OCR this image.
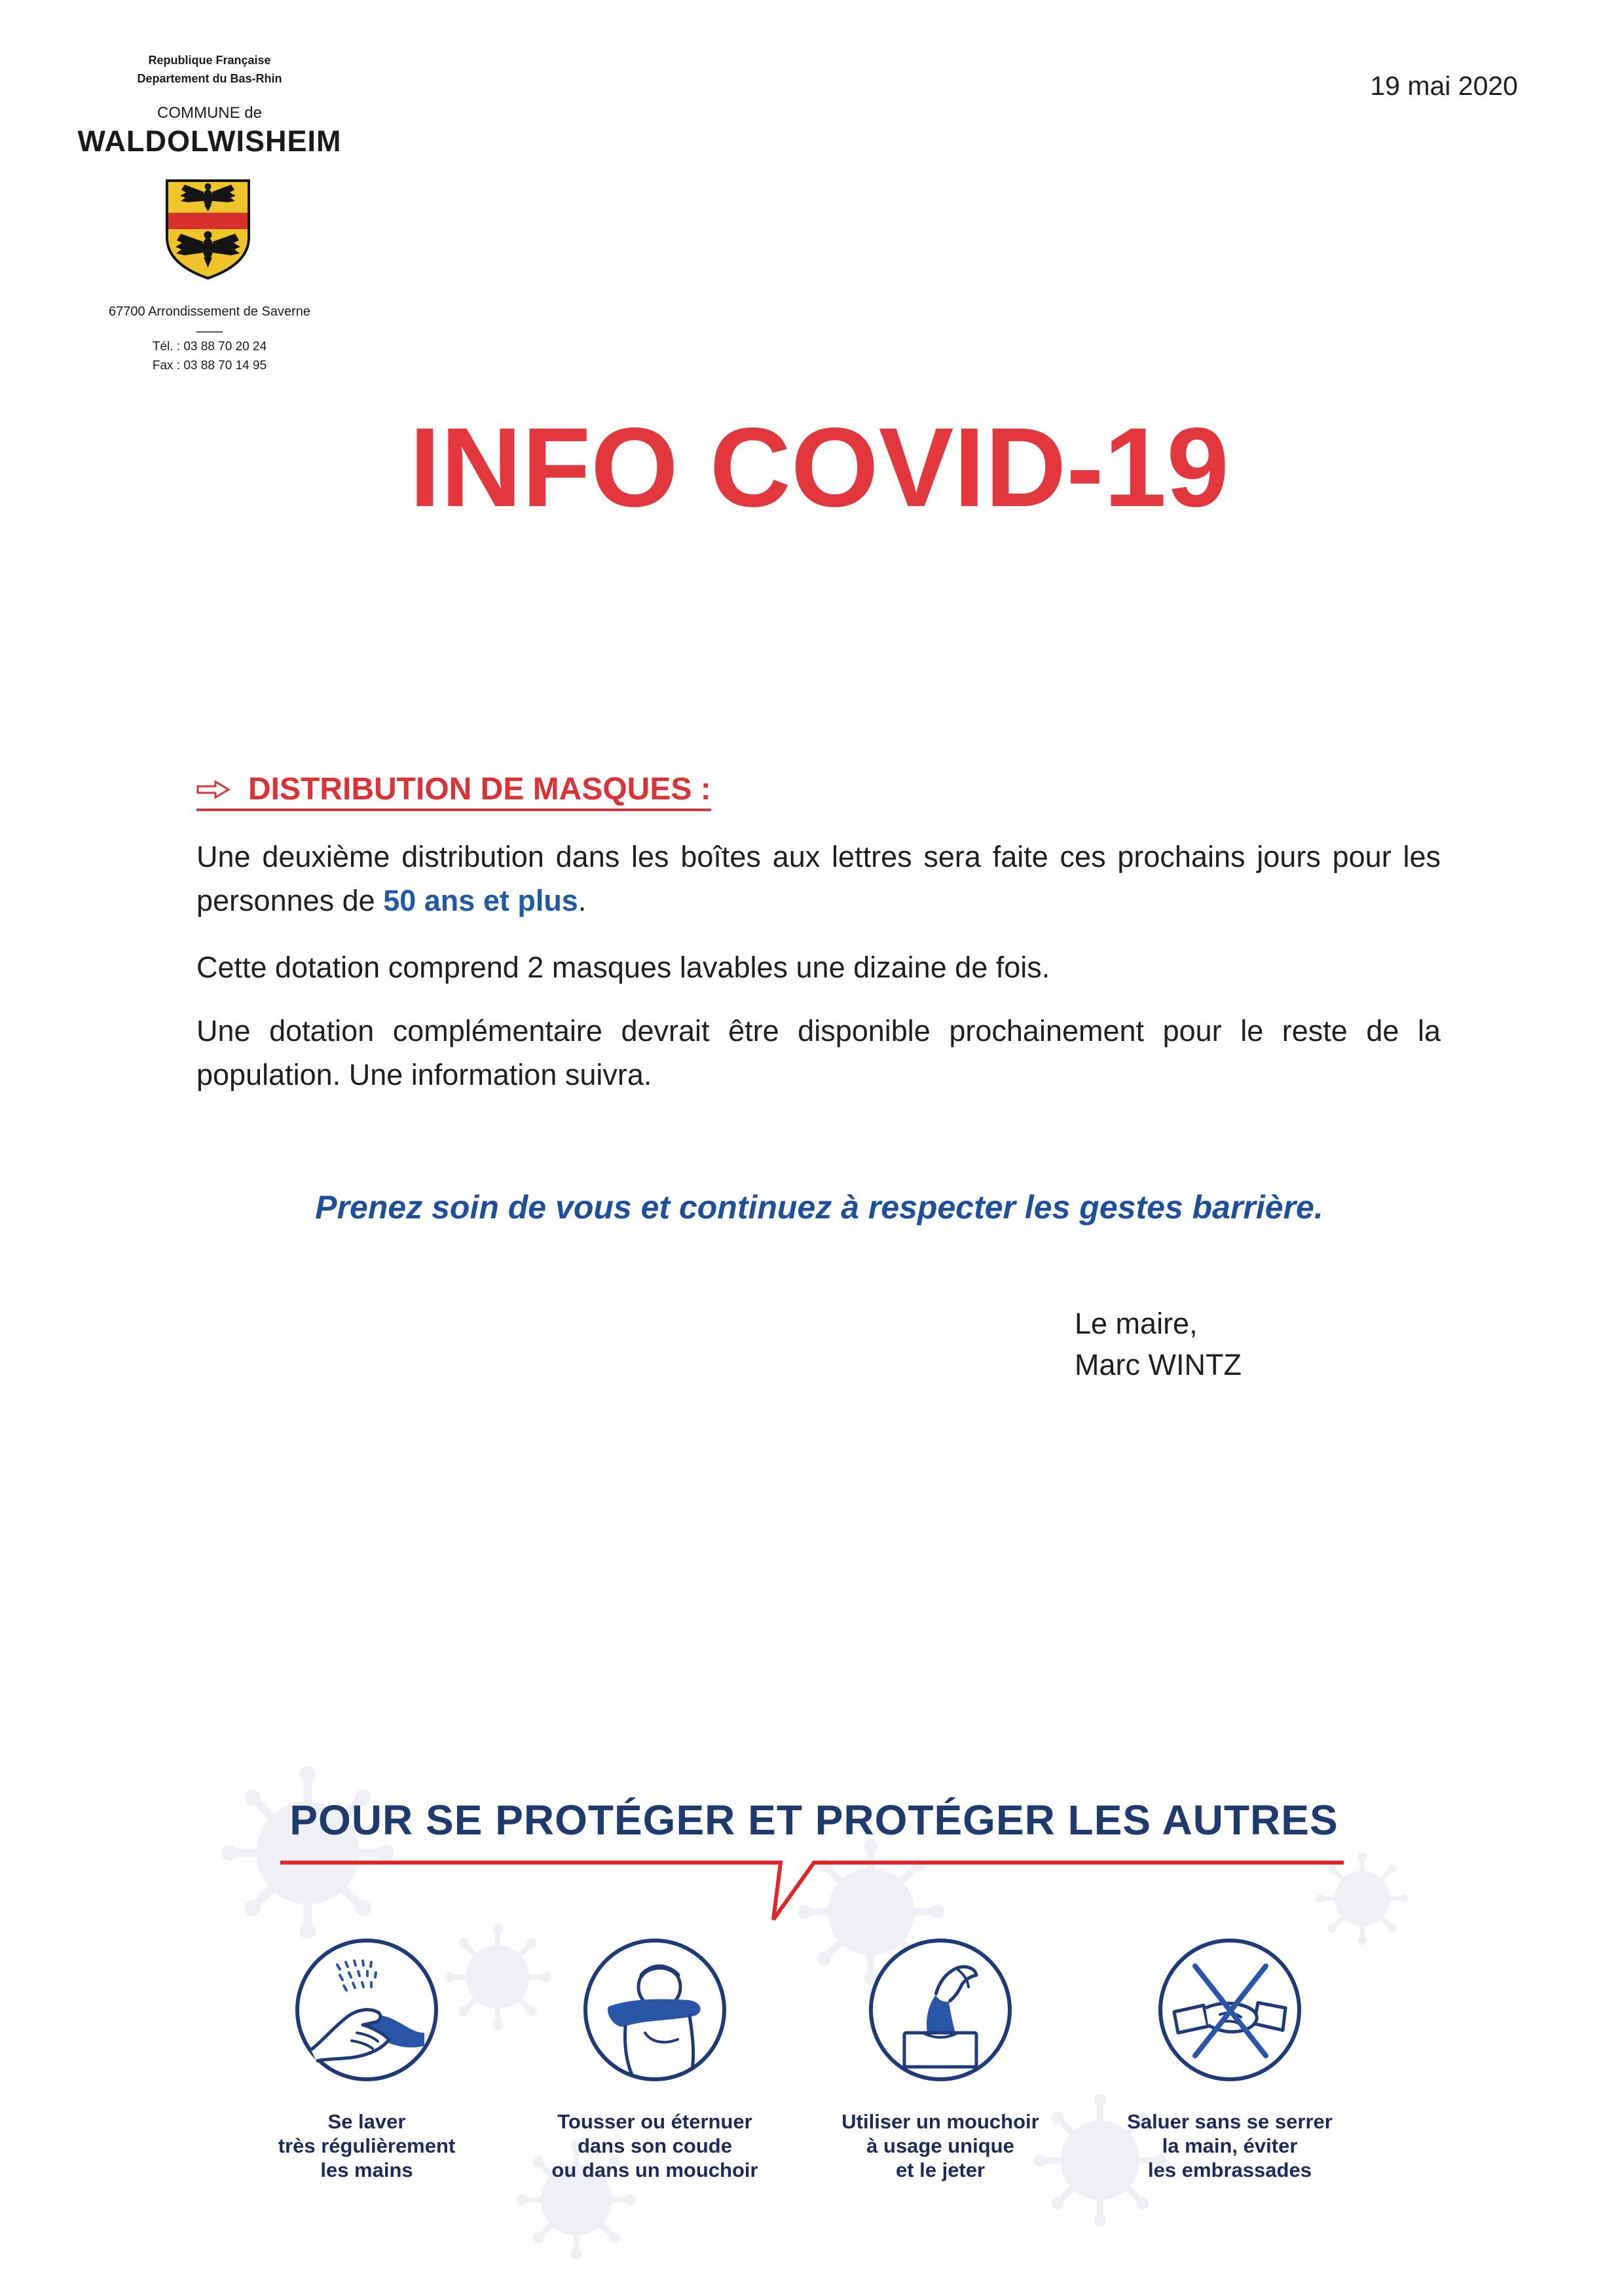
Republique Française
Departement du Bas-Rhin
COMMUNE de
WALDOLWISHEIM
67700 Arrondissement de Saverne
Tél. : 03 88 70 20 24
Fax : 03 88 70 14 95
19 mai 2020
INFO COVID-19
DISTRIBUTION DE MASQUES :

Une deuxième distribution dans les boîtes aux lettres sera faite ces prochains jours pour les personnes de 50 ans et plus.

Cette dotation comprend 2 masques lavables une dizaine de fois.

Une dotation complémentaire devrait être disponible prochainement pour le reste de la population. Une information suivra.

Prenez soin de vous et continuez à respecter les gestes barrière.
Le maire,
Marc WINTZ
POUR SE PROTÉGER ET PROTÉGER LES AUTRES
Se laver
très régulièrement
les mains
Tousser ou éternuer
dans son coude
ou dans un mouchoir
Utiliser un mouchoir
à usage unique
et le jeter
Saluer sans se serrer
la main, éviter
les embrassades
